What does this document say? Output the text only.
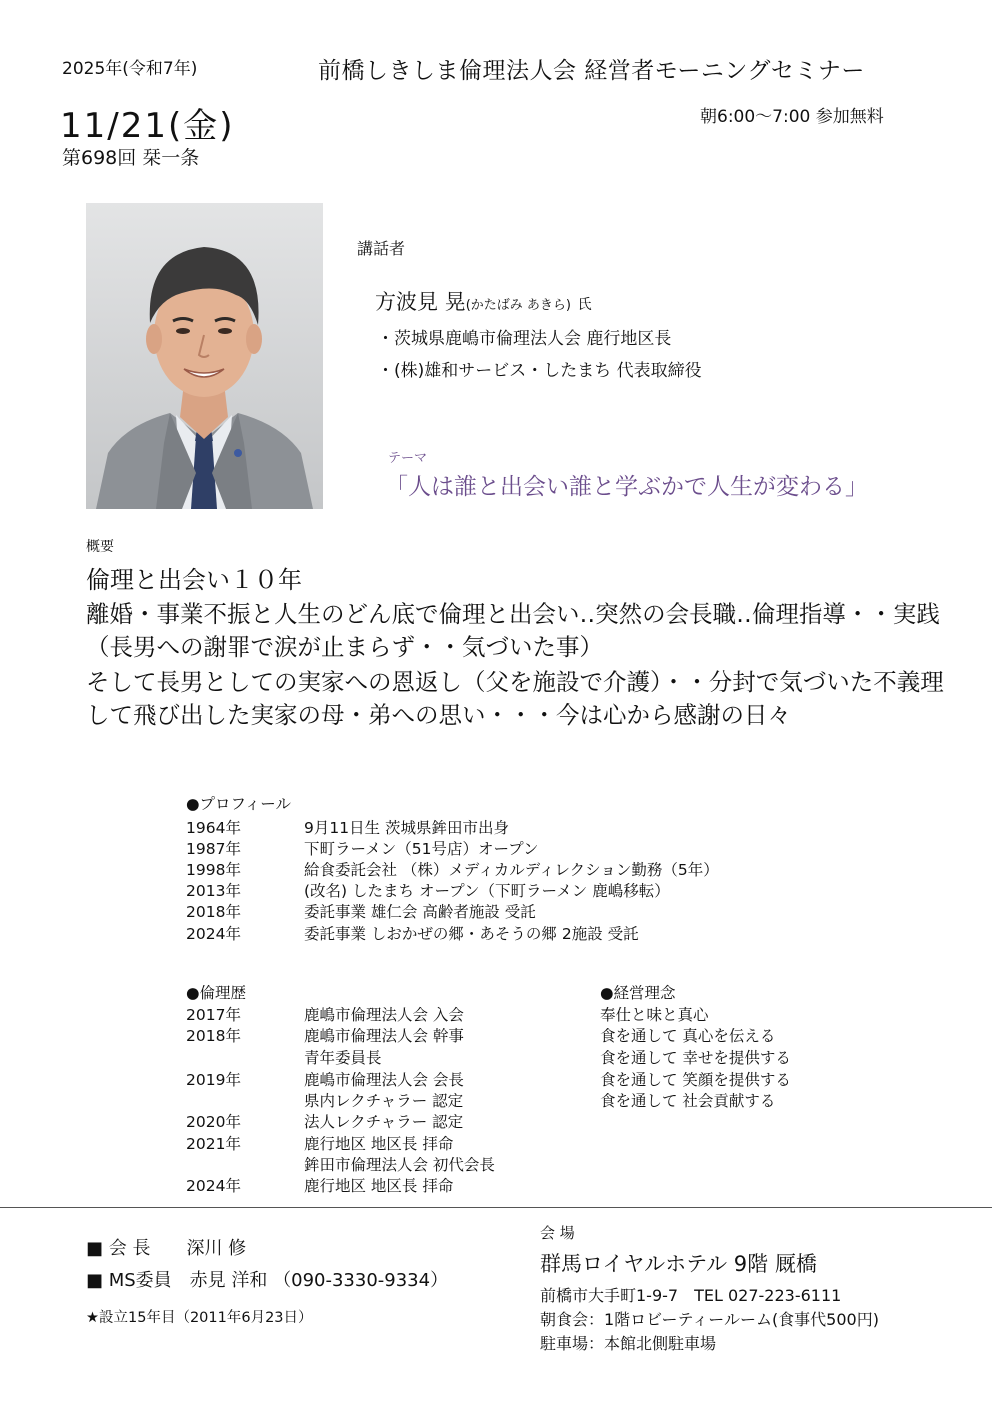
2025年(令和7年)	前橋しきしま倫理法人会 経営者モーニングセミナー
11/21(金)	朝6:00～7:00 参加無料
第698回 栞一条
講話者
方波見 晃(かたばみ あきら) 氏
・茨城県鹿嶋市倫理法人会 鹿行地区長
・(株)雄和サービス・したまち 代表取締役
テーマ
「人は誰と出会い誰と学ぶかで人生が変わる」
概要
倫理と出会い１０年

離婚・事業不振と人生のどん底で倫理と出会い‥突然の会長職‥倫理指導・・実践（長男への謝罪で涙が止まらず・・気づいた事）

そして長男としての実家への恩返し（父を施設で介護）・・分封で気づいた不義理して飛び出した実家の母・弟への思い・・・今は心から感謝の日々

●プロフィール
1964年	9月11日生 茨城県鉾田市出身
1987年	下町ラーメン（51号店）オープン
1998年	給食委託会社 （株）メディカルディレクション勤務（5年）
2013年	(改名) したまち オープン（下町ラーメン 鹿嶋移転）
2018年	委託事業 雄仁会 高齢者施設 受託
2024年	委託事業 しおかぜの郷・あそうの郷 2施設 受託
●倫理歴
2017年	鹿嶋市倫理法人会 入会
2018年	鹿嶋市倫理法人会 幹事
青年委員長
2019年	鹿嶋市倫理法人会 会長
県内レクチャラー 認定
2020年	法人レクチャラー 認定
2021年	鹿行地区 地区長 拝命
鉾田市倫理法人会 初代会長
2024年	鹿行地区 地区長 拝命
●経営理念
奉仕と味と真心
食を通して 真心を伝える
食を通して 幸せを提供する
食を通して 笑顔を提供する
食を通して 社会貢献する
■ 会 長　　深川 修
■ MS委員　赤見 洋和 （090-3330-9334）
★設立15年目（2011年6月23日）
会 場
群馬ロイヤルホテル 9階 厩橋
前橋市大手町1-9-7　TEL 027-223-6111
朝食会：1階ロビーティールーム(食事代500円)
駐車場：本館北側駐車場
